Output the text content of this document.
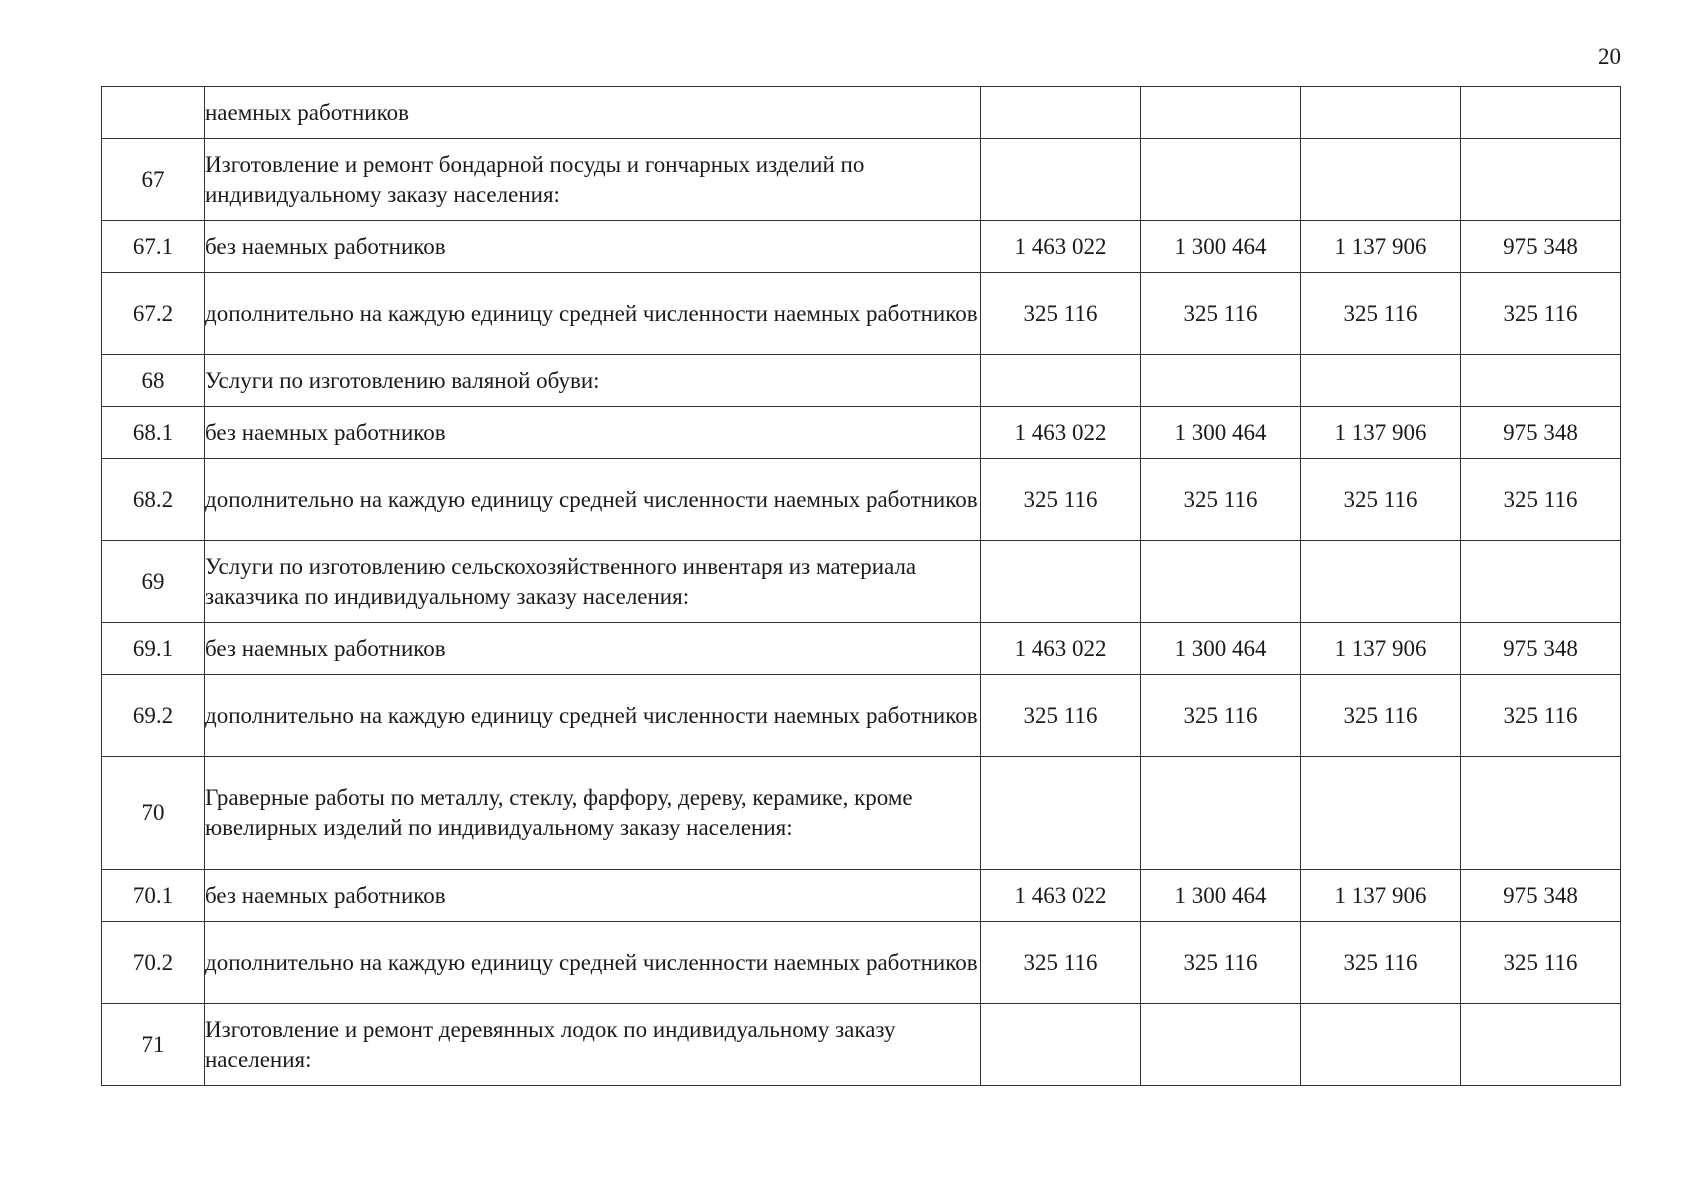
20
	наемных работников				
67	Изготовление и ремонт бондарной посуды и гончарных изделий по индивидуальному заказу населения:				
67.1	без наемных работников	1 463 022	1 300 464	1 137 906	975 348
67.2	дополнительно на каждую единицу средней численности наемных работников	325 116	325 116	325 116	325 116
68	Услуги по изготовлению валяной обуви:				
68.1	без наемных работников	1 463 022	1 300 464	1 137 906	975 348
68.2	дополнительно на каждую единицу средней численности наемных работников	325 116	325 116	325 116	325 116
69	Услуги по изготовлению сельскохозяйственного инвентаря из материала заказчика по индивидуальному заказу населения:				
69.1	без наемных работников	1 463 022	1 300 464	1 137 906	975 348
69.2	дополнительно на каждую единицу средней численности наемных работников	325 116	325 116	325 116	325 116
70	Граверные работы по металлу, стеклу, фарфору, дереву, керамике, кроме ювелирных изделий по индивидуальному заказу населения:				
70.1	без наемных работников	1 463 022	1 300 464	1 137 906	975 348
70.2	дополнительно на каждую единицу средней численности наемных работников	325 116	325 116	325 116	325 116
71	Изготовление и ремонт деревянных лодок по индивидуальному заказу населения:				
